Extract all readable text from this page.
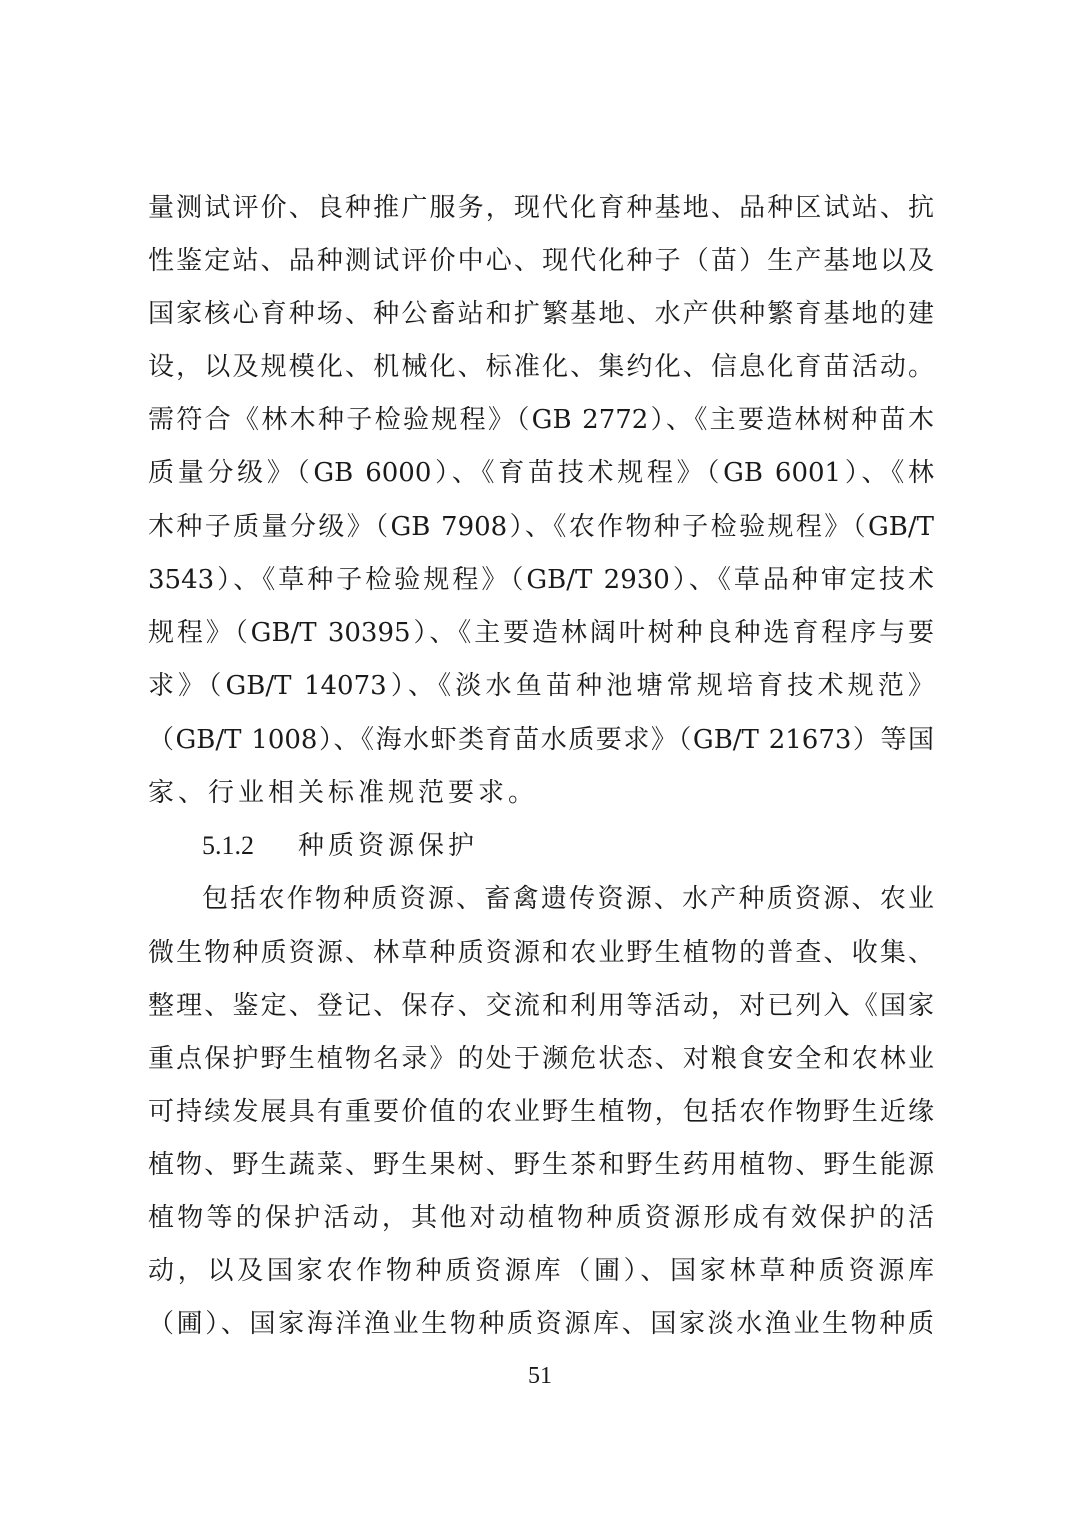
量测试评价、良种推广服务，现代化育种基地、品种区试站、抗
性鉴定站、品种测试评价中心、现代化种子（苗）生产基地以及
国家核心育种场、种公畜站和扩繁基地、水产供种繁育基地的建
设，以及规模化、机械化、标准化、集约化、信息化育苗活动。
需符合《林木种子检验规程》（GB 2772）、《主要造林树种苗木
质量分级》（GB 6000）、《育苗技术规程》（GB 6001）、《林
木种子质量分级》（GB 7908）、《农作物种子检验规程》（GB/T
3543）、《草种子检验规程》（GB/T 2930）、《草品种审定技术
规程》（GB/T 30395）、《主要造林阔叶树种良种选育程序与要
求》（GB/T 14073）、《淡水鱼苗种池塘常规培育技术规范》
（GB/T 1008）、《海水虾类育苗水质要求》（GB/T 21673）等国
家、行业相关标准规范要求。
5.1.2 种质资源保护
包括农作物种质资源、畜禽遗传资源、水产种质资源、农业
微生物种质资源、林草种质资源和农业野生植物的普查、收集、
整理、鉴定、登记、保存、交流和利用等活动，对已列入《国家
重点保护野生植物名录》的处于濒危状态、对粮食安全和农林业
可持续发展具有重要价值的农业野生植物，包括农作物野生近缘
植物、野生蔬菜、野生果树、野生茶和野生药用植物、野生能源
植物等的保护活动，其他对动植物种质资源形成有效保护的活
动，以及国家农作物种质资源库（圃）、国家林草种质资源库
（圃）、国家海洋渔业生物种质资源库、国家淡水渔业生物种质
51
